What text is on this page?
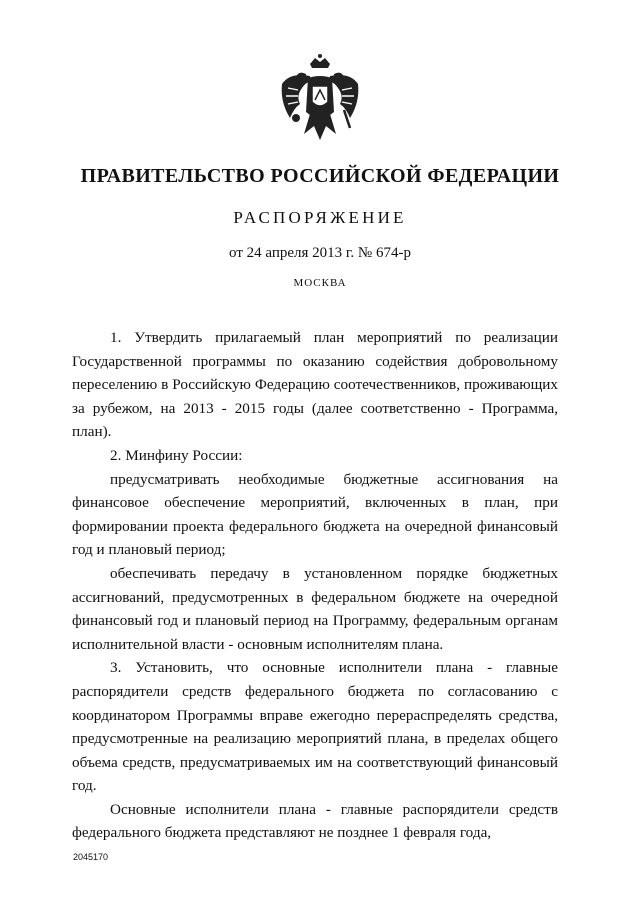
ПРАВИТЕЛЬСТВО РОССИЙСКОЙ ФЕДЕРАЦИИ
РАСПОРЯЖЕНИЕ
от 24 апреля 2013 г. № 674-р
МОСКВА

1. Утвердить прилагаемый план мероприятий по реализации Государственной программы по оказанию содействия добровольному переселению в Российскую Федерацию соотечественников, проживающих за рубежом, на 2013 - 2015 годы (далее соответственно - Программа, план).

2. Минфину России:

предусматривать необходимые бюджетные ассигнования на финансовое обеспечение мероприятий, включенных в план, при формировании проекта федерального бюджета на очередной финансовый год и плановый период;

обеспечивать передачу в установленном порядке бюджетных ассигнований, предусмотренных в федеральном бюджете на очередной финансовый год и плановый период на Программу, федеральным органам исполнительной власти - основным исполнителям плана.

3. Установить, что основные исполнители плана - главные распорядители средств федерального бюджета по согласованию с координатором Программы вправе ежегодно перераспределять средства, предусмотренные на реализацию мероприятий плана, в пределах общего объема средств, предусматриваемых им на соответствующий финансовый год.

Основные исполнители плана - главные распорядители средств федерального бюджета представляют не позднее 1 февраля года,

2045170
